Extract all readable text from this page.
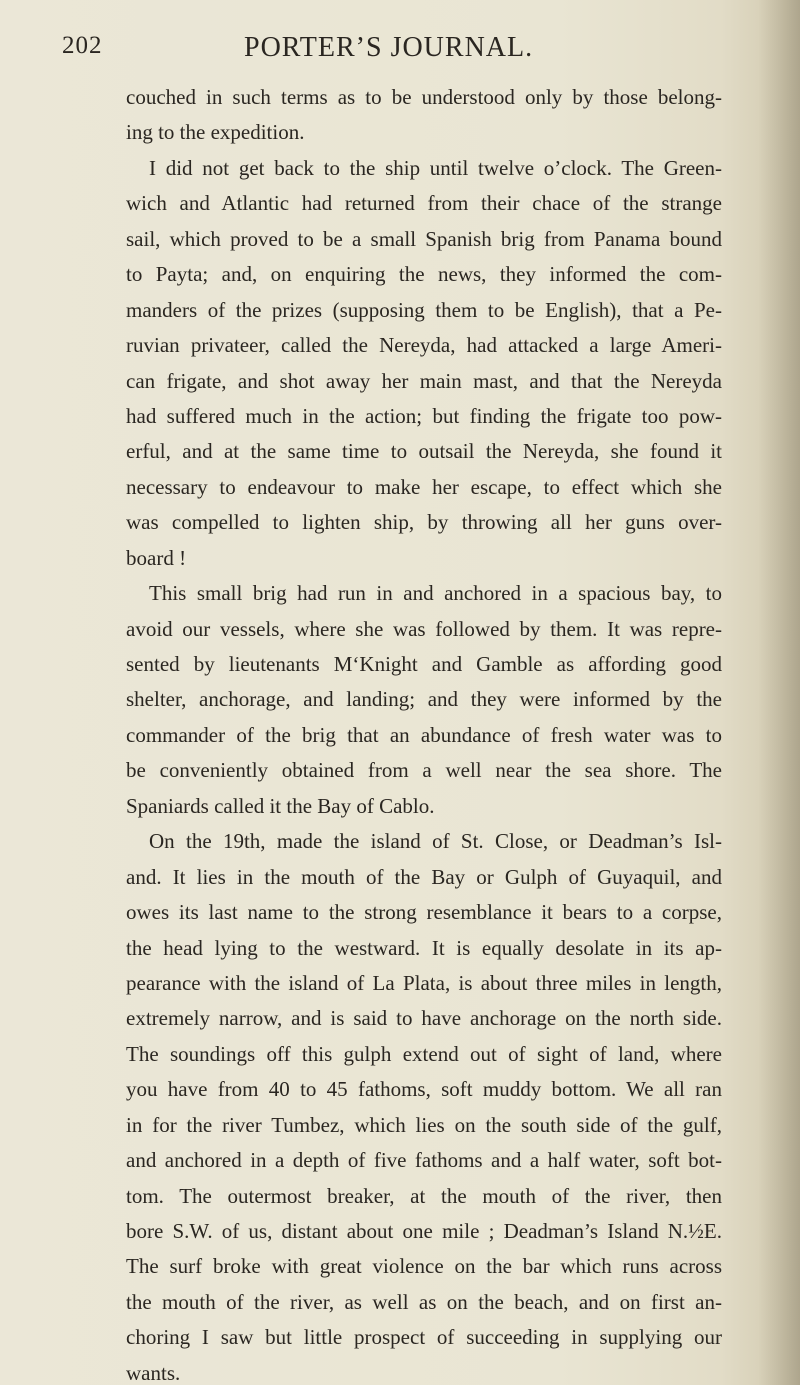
202	PORTER’S JOURNAL.
couched in such terms as to be understood only by those belong-
ing to the expedition.
I did not get back to the ship until twelve o’clock. The Green-
wich and Atlantic had returned from their chace of the strange
sail, which proved to be a small Spanish brig from Panama bound
to Payta; and, on enquiring the news, they informed the com-
manders of the prizes (supposing them to be English), that a Pe-
ruvian privateer, called the Nereyda, had attacked a large Ameri-
can frigate, and shot away her main mast, and that the Nereyda
had suffered much in the action; but finding the frigate too pow-
erful, and at the same time to outsail the Nereyda, she found it
necessary to endeavour to make her escape, to effect which she
was compelled to lighten ship, by throwing all her guns over-
board !
This small brig had run in and anchored in a spacious bay, to
avoid our vessels, where she was followed by them. It was repre-
sented by lieutenants M‘Knight and Gamble as affording good
shelter, anchorage, and landing; and they were informed by the
commander of the brig that an abundance of fresh water was to
be conveniently obtained from a well near the sea shore. The
Spaniards called it the Bay of Cablo.
On the 19th, made the island of St. Close, or Deadman’s Isl-
and. It lies in the mouth of the Bay or Gulph of Guyaquil, and
owes its last name to the strong resemblance it bears to a corpse,
the head lying to the westward. It is equally desolate in its ap-
pearance with the island of La Plata, is about three miles in length,
extremely narrow, and is said to have anchorage on the north side.
The soundings off this gulph extend out of sight of land, where
you have from 40 to 45 fathoms, soft muddy bottom. We all ran
in for the river Tumbez, which lies on the south side of the gulf,
and anchored in a depth of five fathoms and a half water, soft bot-
tom. The outermost breaker, at the mouth of the river, then
bore S.W. of us, distant about one mile ; Deadman’s Island N.½E.
The surf broke with great violence on the bar which runs across
the mouth of the river, as well as on the beach, and on first an-
choring I saw but little prospect of succeeding in supplying our
wants.
